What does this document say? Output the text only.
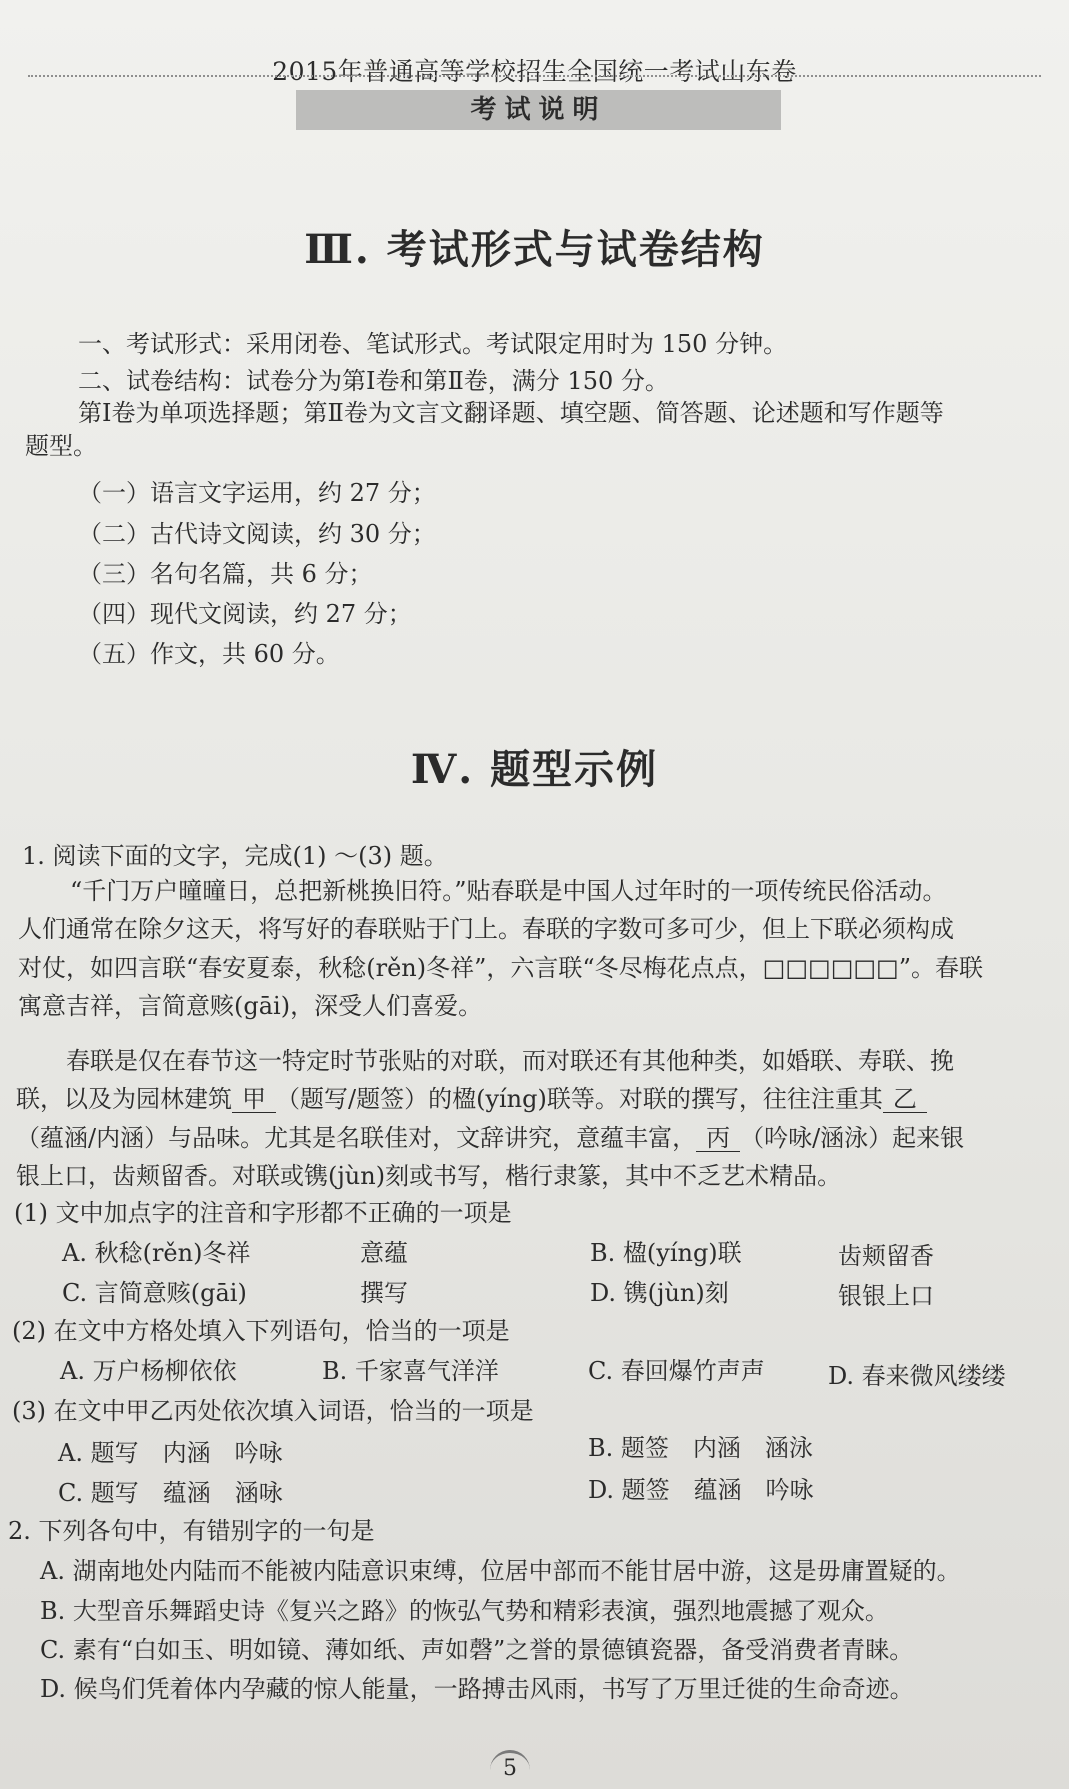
2015年普通高等学校招生全国统一考试山东卷
考试说明
Ⅲ. 考试形式与试卷结构
一、考试形式：采用闭卷、笔试形式。考试限定用时为 150 分钟。
二、试卷结构：试卷分为第Ⅰ卷和第Ⅱ卷，满分 150 分。
第Ⅰ卷为单项选择题；第Ⅱ卷为文言文翻译题、填空题、简答题、论述题和写作题等
题型。
（一）语言文字运用，约 27 分；
（二）古代诗文阅读，约 30 分；
（三）名句名篇，共 6 分；
（四）现代文阅读，约 27 分；
（五）作文，共 60 分。
Ⅳ. 题型示例
1. 阅读下面的文字，完成(1) ～(3) 题。
“千门万户曈曈日，总把新桃换旧符。”贴春联是中国人过年时的一项传统民俗活动。
人们通常在除夕这天，将写好的春联贴于门上。春联的字数可多可少，但上下联必须构成
对仗，如四言联“春安夏泰，秋稔(rěn)冬祥”，六言联“冬尽梅花点点，□□□□□□”。春联
寓意吉祥，言简意赅(gāi)，深受人们喜爱。
春联是仅在春节这一特定时节张贴的对联，而对联还有其他种类，如婚联、寿联、挽
联，以及为园林建筑 甲 （题写/题签）的楹(yíng)联等。对联的撰写，往往注重其 乙
（蕴涵/内涵）与品味。尤其是名联佳对，文辞讲究，意蕴丰富， 丙 （吟咏/涵泳）起来银
银上口，齿颊留香。对联或镌(jùn)刻或书写，楷行隶篆，其中不乏艺术精品。
(1) 文中加点字的注音和字形都不正确的一项是
A. 秋稔(rěn)冬祥	意蕴	B. 楹(yíng)联	齿颊留香
C. 言简意赅(gāi)	撰写	D. 镌(jùn)刻	银银上口
(2) 在文中方格处填入下列语句，恰当的一项是
A. 万户杨柳依依	B. 千家喜气洋洋	C. 春回爆竹声声	D. 春来微风缕缕
(3) 在文中甲乙丙处依次填入词语，恰当的一项是
A. 题写　内涵　吟咏	B. 题签　内涵　涵泳
C. 题写　蕴涵　涵咏	D. 题签　蕴涵　吟咏
2. 下列各句中，有错别字的一句是
A. 湖南地处内陆而不能被内陆意识束缚，位居中部而不能甘居中游，这是毋庸置疑的。
B. 大型音乐舞蹈史诗《复兴之路》的恢弘气势和精彩表演，强烈地震撼了观众。
C. 素有“白如玉、明如镜、薄如纸、声如磬”之誉的景德镇瓷器，备受消费者青睐。
D. 候鸟们凭着体内孕藏的惊人能量，一路搏击风雨，书写了万里迁徙的生命奇迹。
5
